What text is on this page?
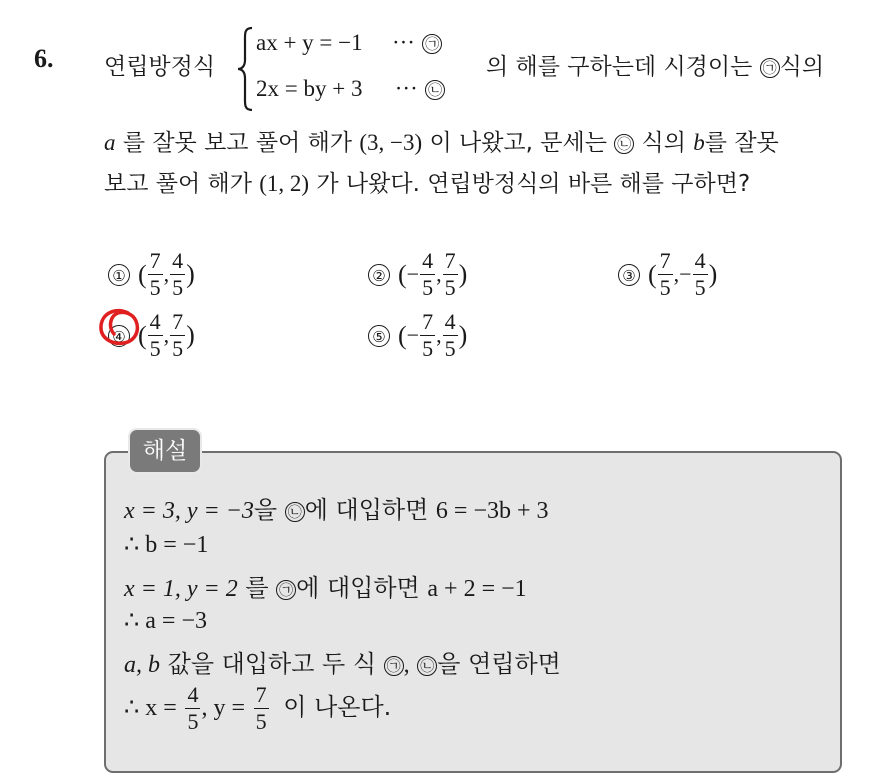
6. 연립방정식
ax + y = −1 ··· ㉠
2x = by + 3 ··· ㉡
의 해를 구하는데 시경이는 ㉠ 식의
a 를 잘못 보고 풀어 해가 (3, −3) 이 나왔고, 문세는 ㉡ 식의 b를 잘못
보고 풀어 해가 (1, 2) 가 나왔다. 연립방정식의 바른 해를 구하면?
① ( $\frac{7}{5}$ , $\frac{4}{5}$ )	② (− $\frac{4}{5}$ , $\frac{7}{5}$ )	③ ( $\frac{7}{5}$ ,− $\frac{4}{5}$ )
④ ( $\frac{4}{5}$ , $\frac{7}{5}$ )	⑤ (− $\frac{7}{5}$ , $\frac{4}{5}$ )
해설
x = 3, y = −3을 ㉡ 에 대입하면 6 = −3b + 3
∴ b = −1
x = 1, y = 2 를 ㉠ 에 대입하면 a + 2 = −1
∴ a = −3
a, b 값을 대입하고 두 식 ㉠ , ㉡ 을 연립하면
∴ $x = \frac{4}{5}$ , $y = \frac{7}{5}$ 이 나온다.
